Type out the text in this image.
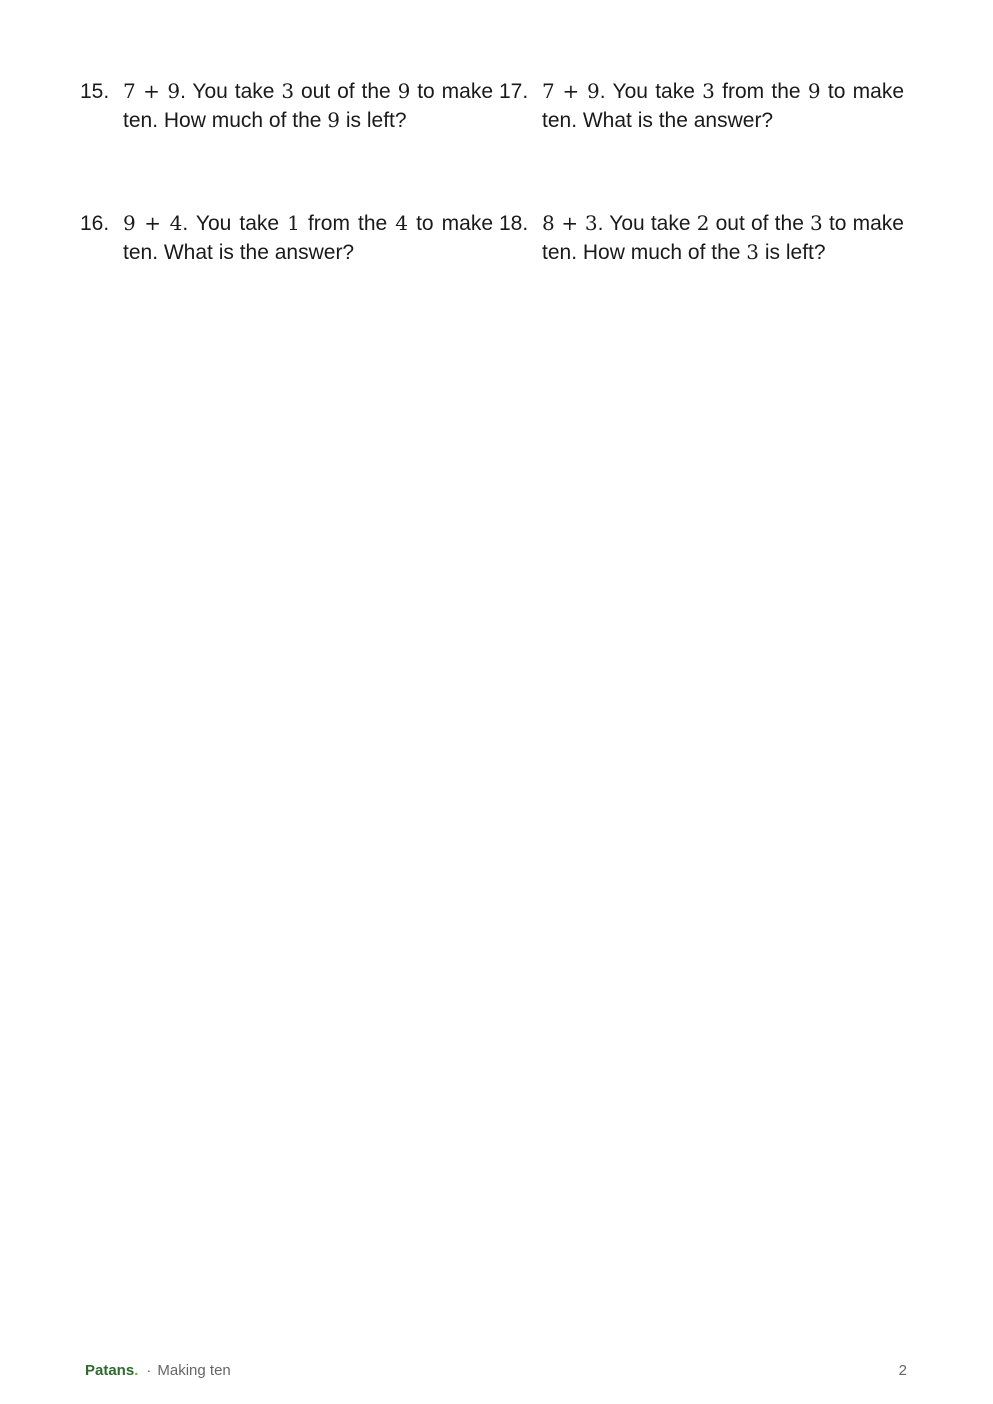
15. 7 + 9. You take 3 out of the 9 to make ten. How much of the 9 is left?
16. 9 + 4. You take 1 from the 4 to make ten. What is the answer?
17. 7 + 9. You take 3 from the 9 to make ten. What is the answer?
18. 8 + 3. You take 2 out of the 3 to make ten. How much of the 3 is left?
Patans. · Making ten	2
